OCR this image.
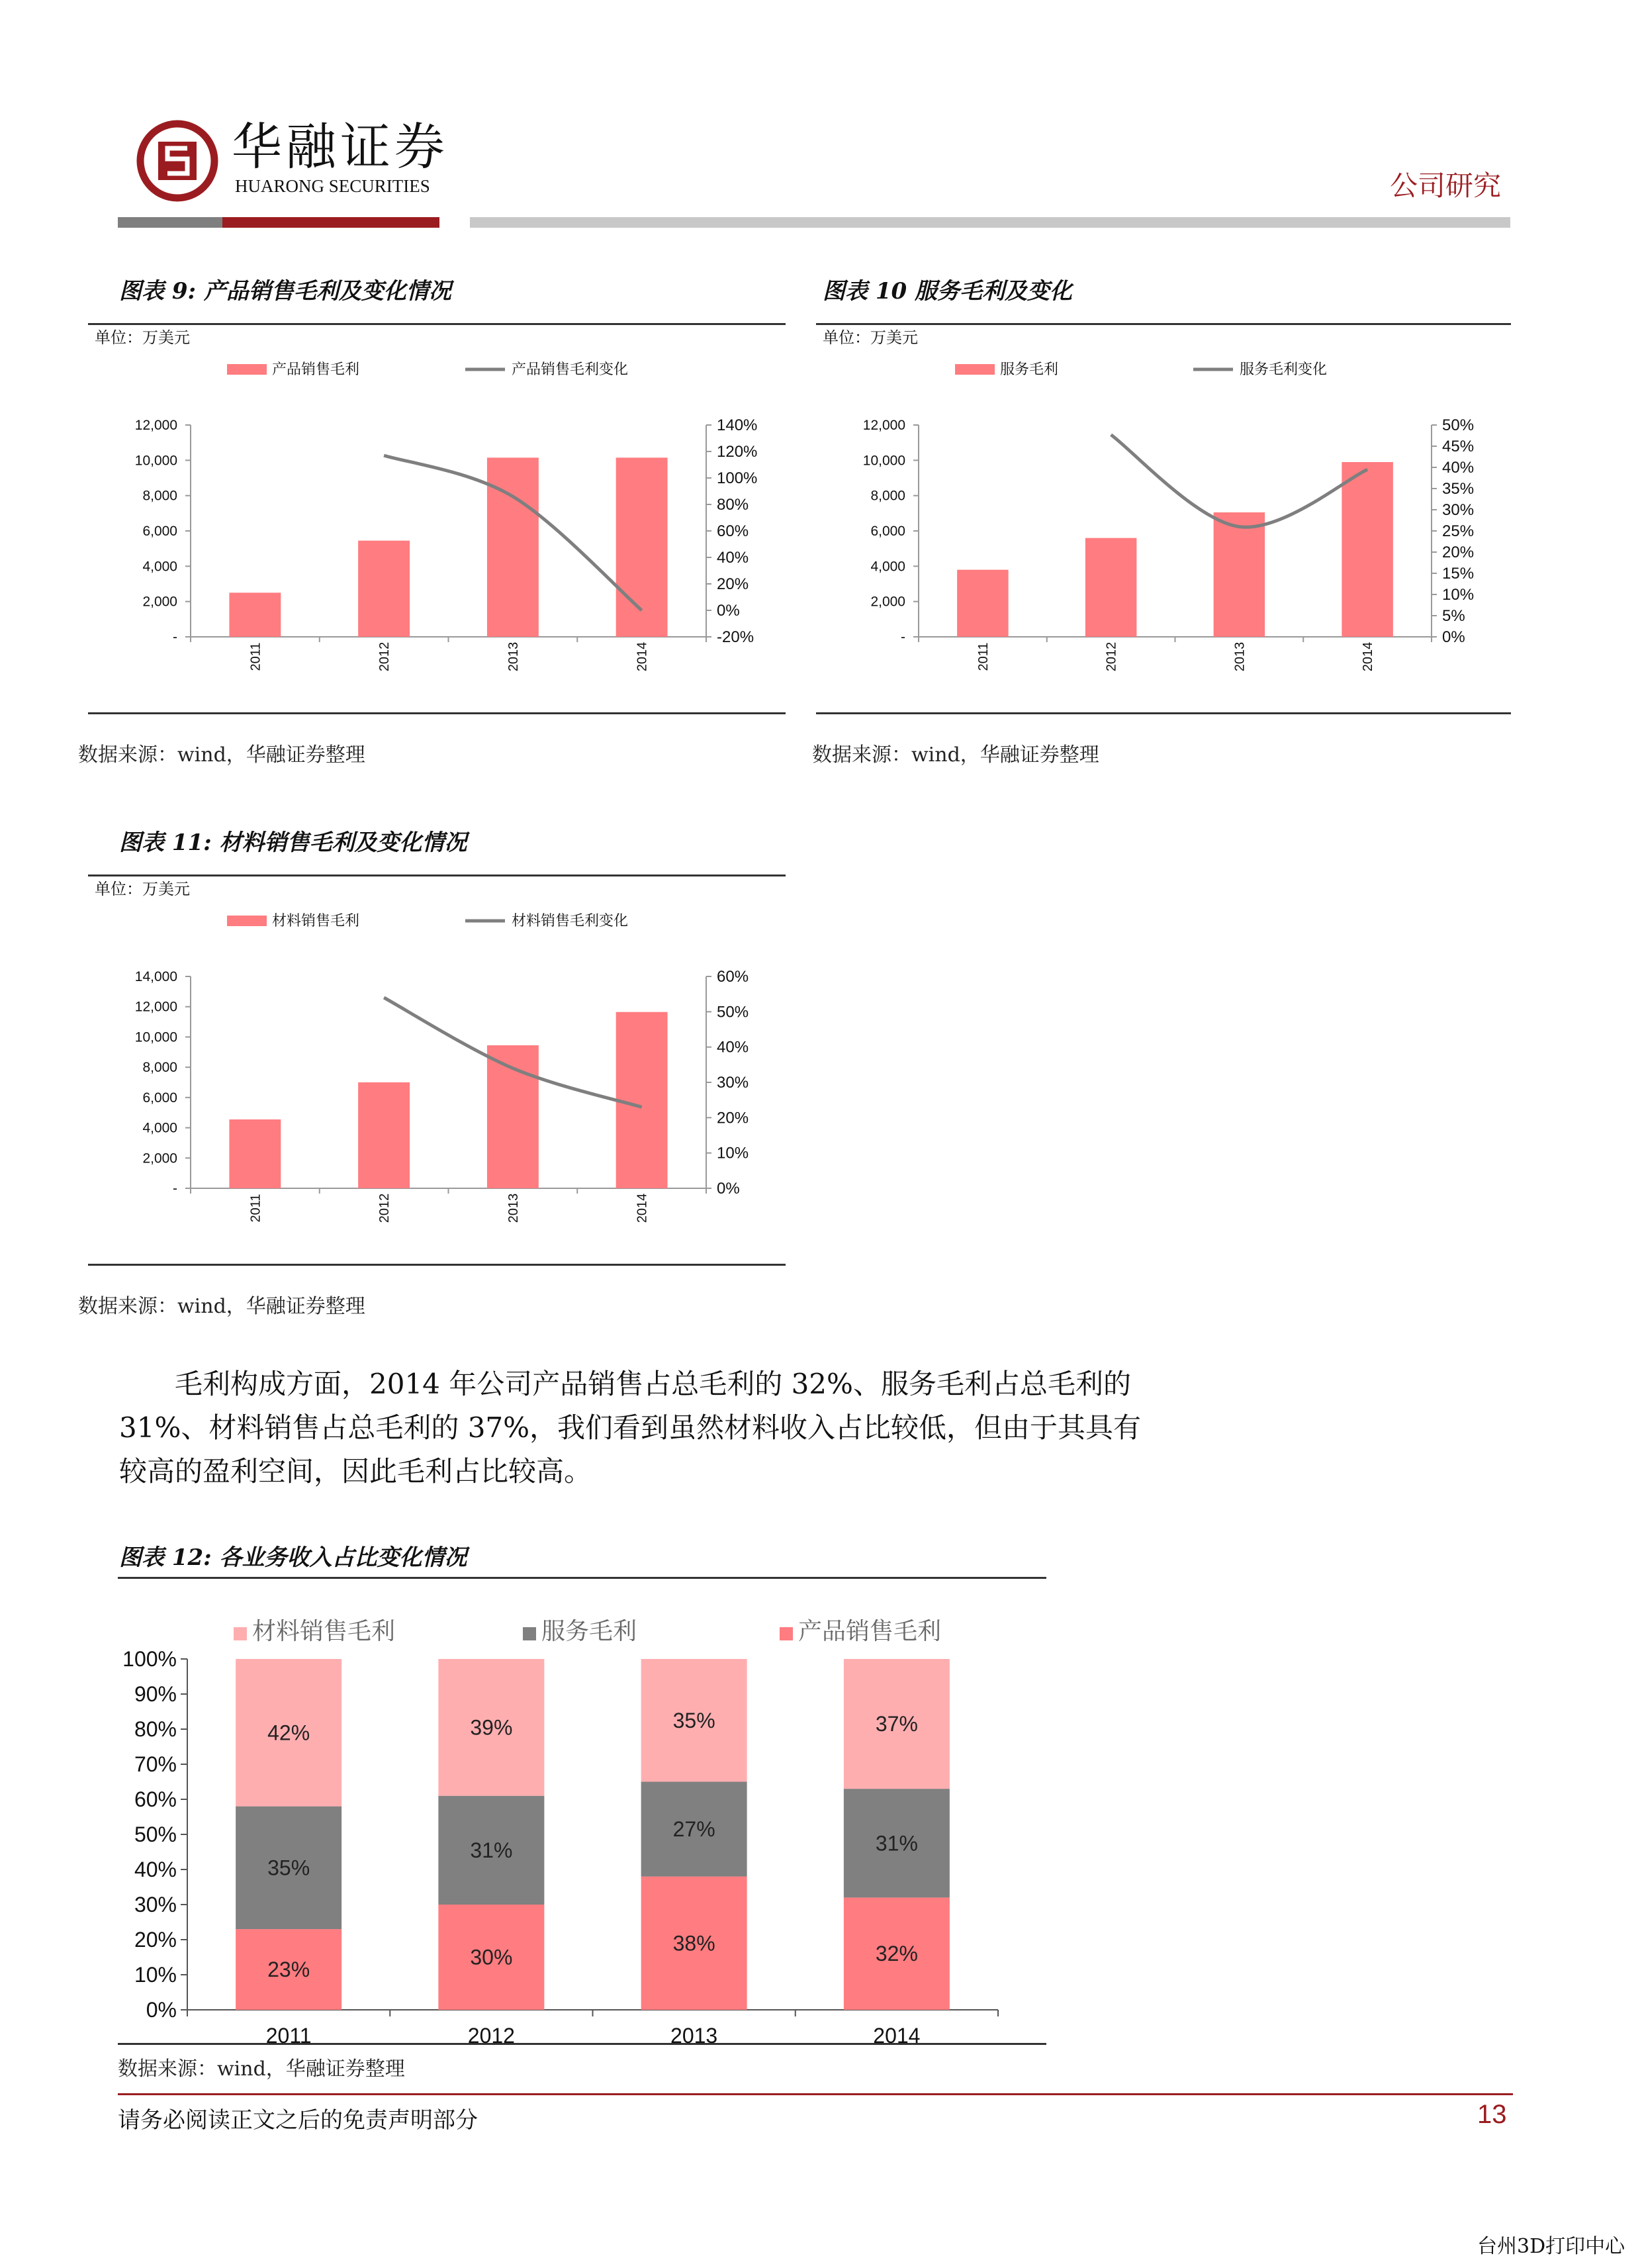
华融证券
HUARONG SECURITIES	公司研究
图表 9: 产品销售毛利及变化情况
单位：万美元
产品销售毛利	产品销售毛利变化
-
2,000
4,000
6,000
8,000
10,000
12,000
-20%
0%
20%
40%
60%
80%
100%
120%
140%
2011	2012	2013	2014
数据来源：wind，华融证券整理
图表 10 服务毛利及变化
单位：万美元
服务毛利	服务毛利变化
-
2,000
4,000
6,000
8,000
10,000
12,000
0%
5%
10%
15%
20%
25%
30%
35%
40%
45%
50%
2011	2012	2013	2014
数据来源：wind，华融证券整理
图表 11: 材料销售毛利及变化情况
单位：万美元
材料销售毛利	材料销售毛利变化
-
2,000
4,000
6,000
8,000
10,000
12,000
14,000
0%
10%
20%
30%
40%
50%
60%
2011	2012	2013	2014
数据来源：wind，华融证券整理
毛利构成方面，2014 年公司产品销售占总毛利的 32%、服务毛利占总毛利的 31%、材料销售占总毛利的 37%，我们看到虽然材料收入占比较低，但由于其具有较高的盈利空间，因此毛利占比较高。
图表 12: 各业务收入占比变化情况
材料销售毛利	服务毛利	产品销售毛利
0%
10%
20%
30%
40%
50%
60%
70%
80%
90%
100%
23%
35%
42%
2011
30%
31%
39%
2012
38%
27%
35%
2013
32%
31%
37%
2014
数据来源：wind，华融证券整理
请务必阅读正文之后的免责声明部分	13
台州3D打印中心
